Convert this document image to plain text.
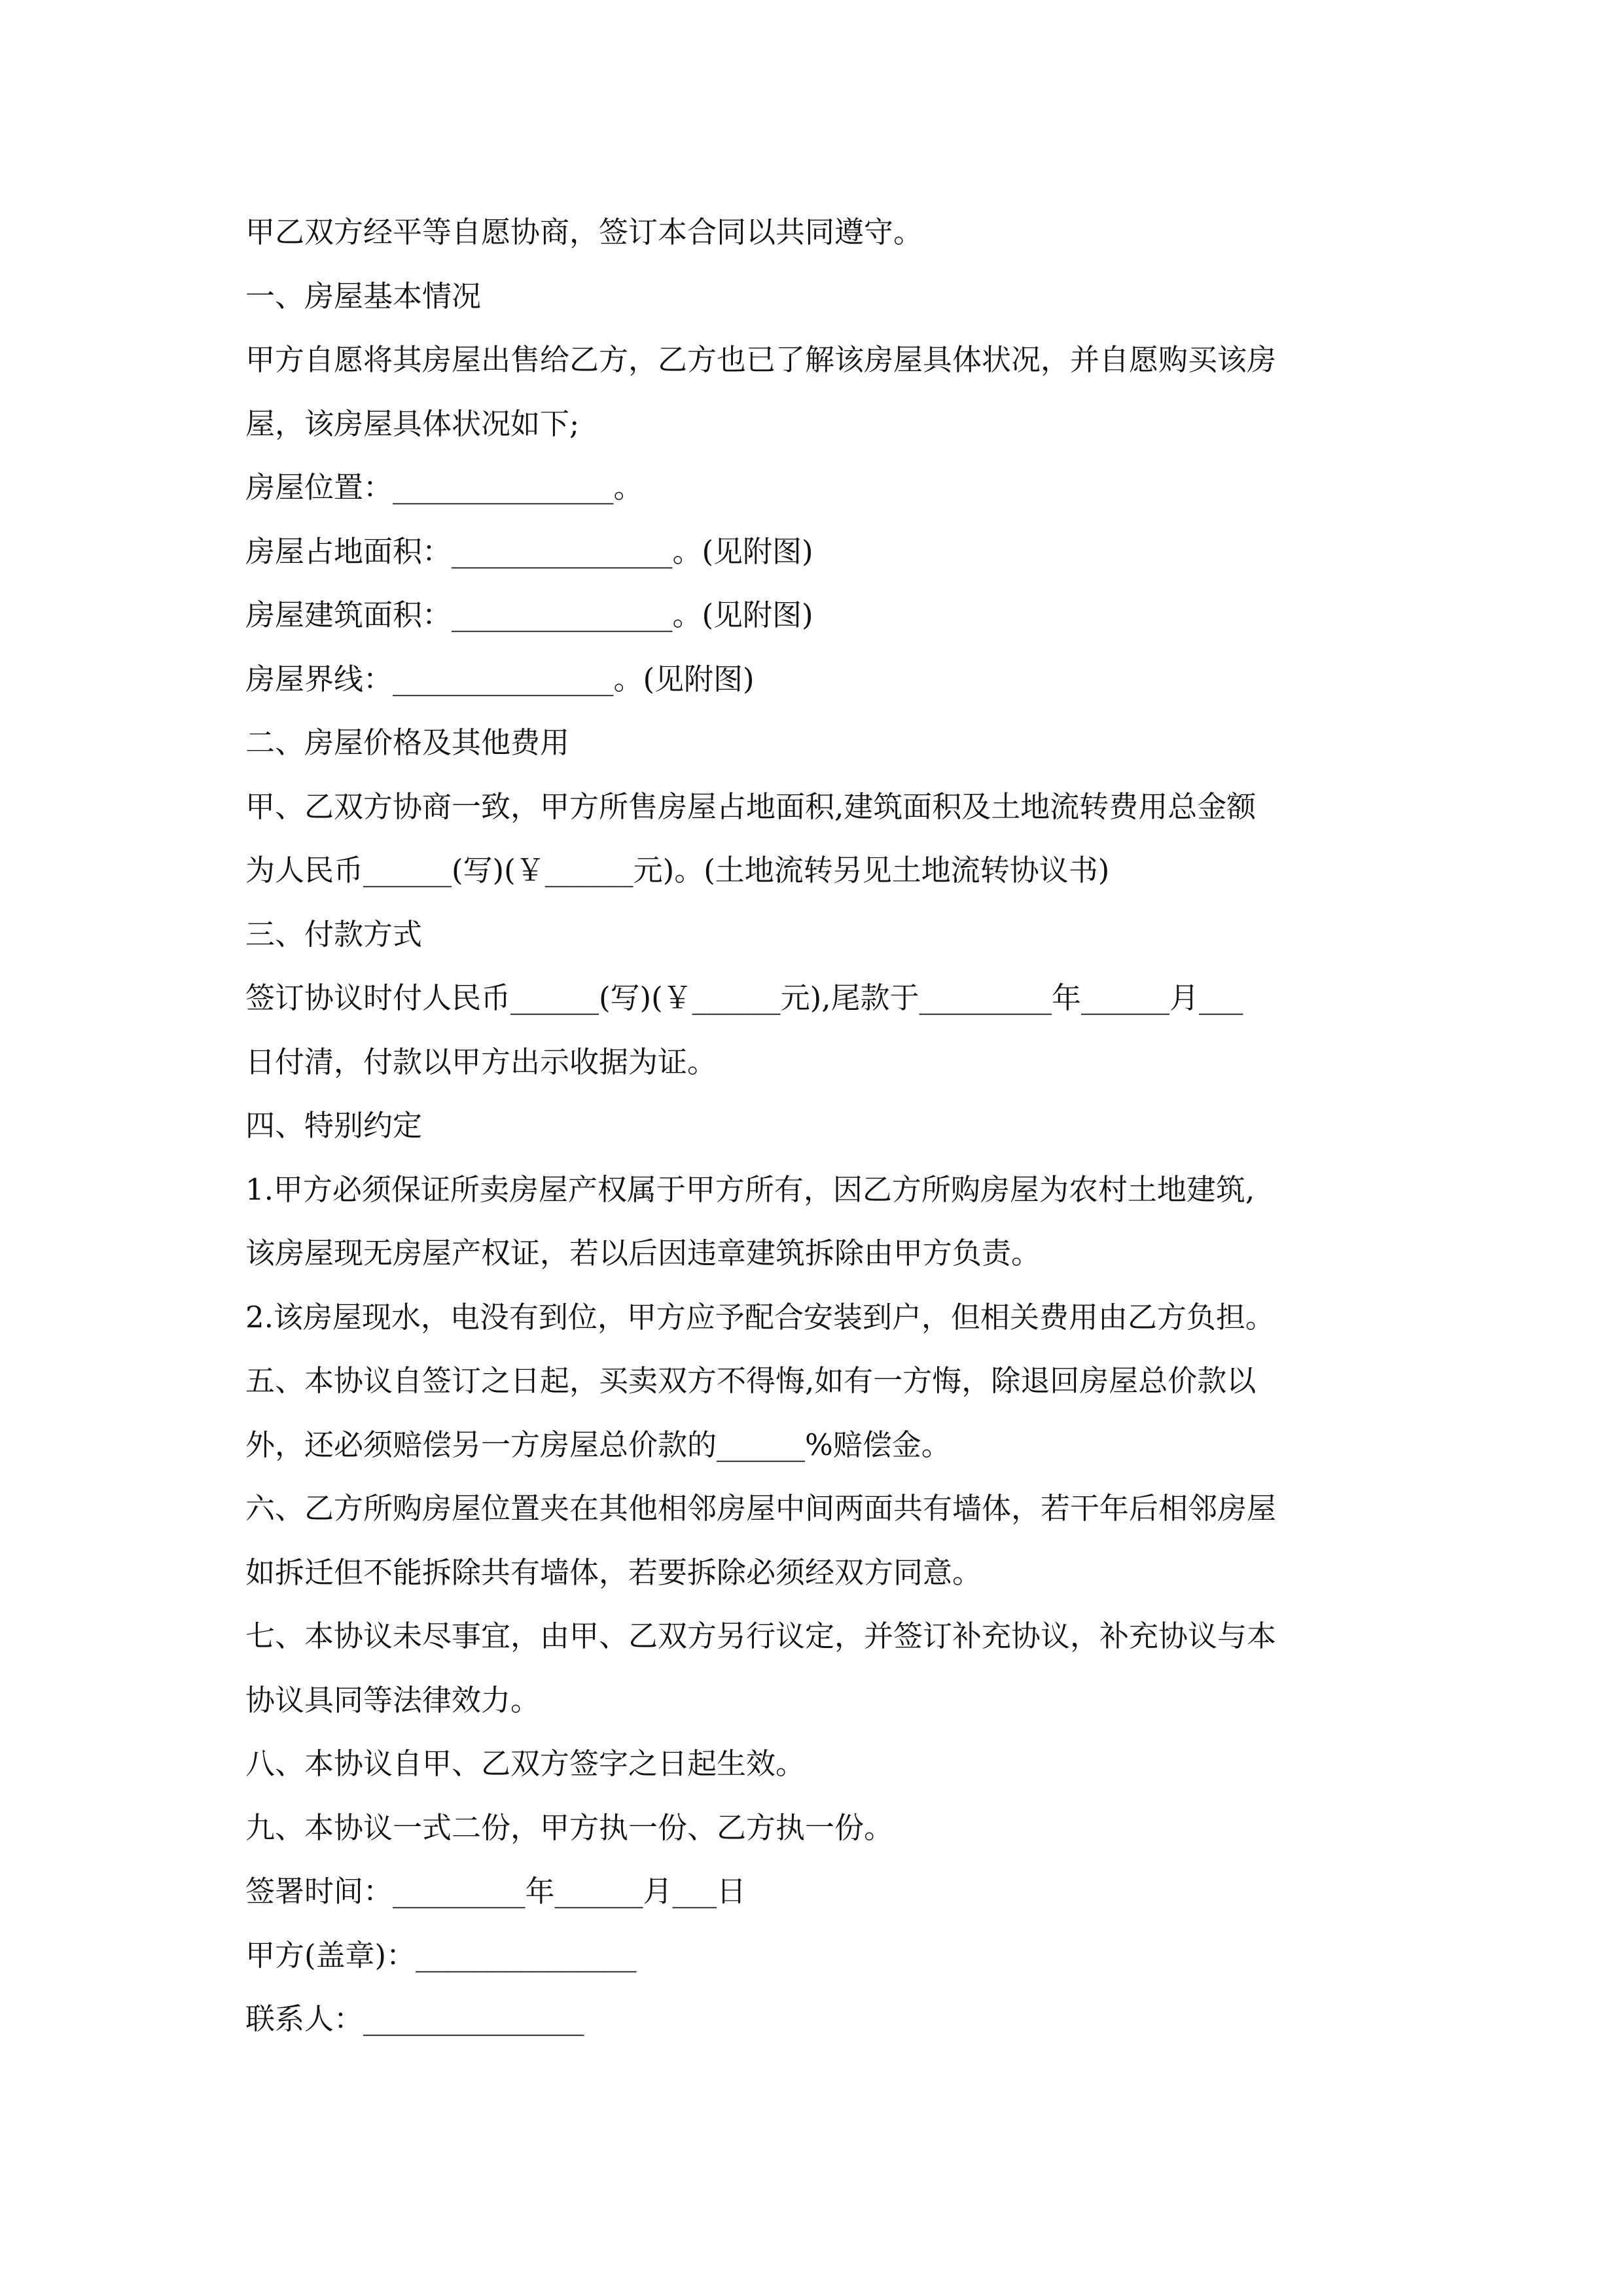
甲乙双方经平等自愿协商，签订本合同以共同遵守。
一、房屋基本情况
甲方自愿将其房屋出售给乙方，乙方也已了解该房屋具体状况，并自愿购买该房
屋，该房屋具体状况如下;
房屋位置：_______________。
房屋占地面积：_______________。(见附图)
房屋建筑面积：_______________。(见附图)
房屋界线：_______________。(见附图)
二、房屋价格及其他费用
甲、乙双方协商一致，甲方所售房屋占地面积,建筑面积及土地流转费用总金额
为人民币______(写)(￥______元)。(土地流转另见土地流转协议书)
三、付款方式
签订协议时付人民币______(写)(￥______元),尾款于_________年______月___
日付清，付款以甲方出示收据为证。
四、特别约定
1.甲方必须保证所卖房屋产权属于甲方所有，因乙方所购房屋为农村土地建筑,
该房屋现无房屋产权证，若以后因违章建筑拆除由甲方负责。
2.该房屋现水，电没有到位，甲方应予配合安装到户，但相关费用由乙方负担。
五、本协议自签订之日起，买卖双方不得悔,如有一方悔，除退回房屋总价款以
外，还必须赔偿另一方房屋总价款的______%赔偿金。
六、乙方所购房屋位置夹在其他相邻房屋中间两面共有墙体，若干年后相邻房屋
如拆迁但不能拆除共有墙体，若要拆除必须经双方同意。
七、本协议未尽事宜，由甲、乙双方另行议定，并签订补充协议，补充协议与本
协议具同等法律效力。
八、本协议自甲、乙双方签字之日起生效。
九、本协议一式二份，甲方执一份、乙方执一份。
签署时间：_________年______月___日
甲方(盖章)：_______________
联系人：_______________
